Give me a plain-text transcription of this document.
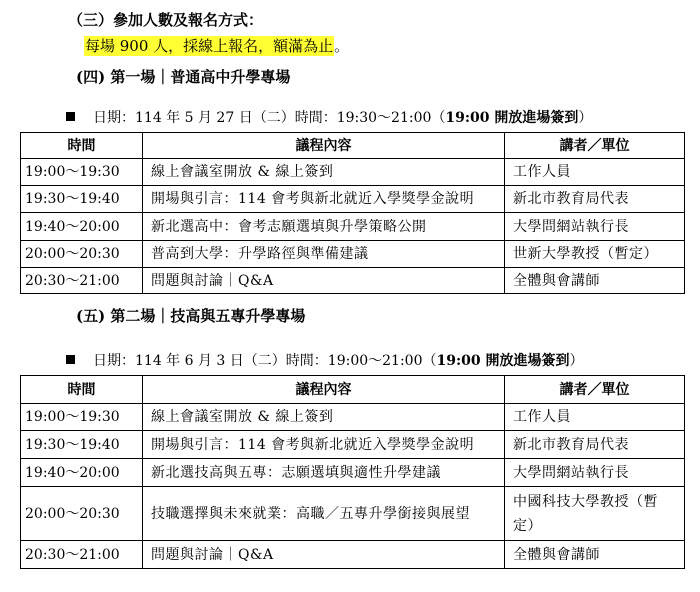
（三）參加人數及報名方式：
每場 900 人，採線上報名，額滿為止。
(四) 第一場｜普通高中升學專場
日期：114 年 5 月 27 日（二）時間：19:30～21:00（19:00 開放進場簽到）
時間	議程內容	講者／單位
19:00～19:30	線上會議室開放 & 線上簽到	工作人員
19:30～19:40	開場與引言：114 會考與新北就近入學獎學金說明	新北市教育局代表
19:40～20:00	新北選高中：會考志願選填與升學策略公開	大學問網站執行長
20:00～20:30	普高到大學：升學路徑與準備建議	世新大學教授（暫定）
20:30～21:00	問題與討論｜Q&A	全體與會講師
(五) 第二場｜技高與五專升學專場
日期：114 年 6 月 3 日（二）時間：19:00～21:00（19:00 開放進場簽到）
時間	議程內容	講者／單位
19:00～19:30	線上會議室開放 & 線上簽到	工作人員
19:30～19:40	開場與引言：114 會考與新北就近入學獎學金說明	新北市教育局代表
19:40～20:00	新北選技高與五專：志願選填與適性升學建議	大學問網站執行長
20:00～20:30	技職選擇與未來就業：高職／五專升學銜接與展望	中國科技大學教授（暫定）
20:30～21:00	問題與討論｜Q&A	全體與會講師
